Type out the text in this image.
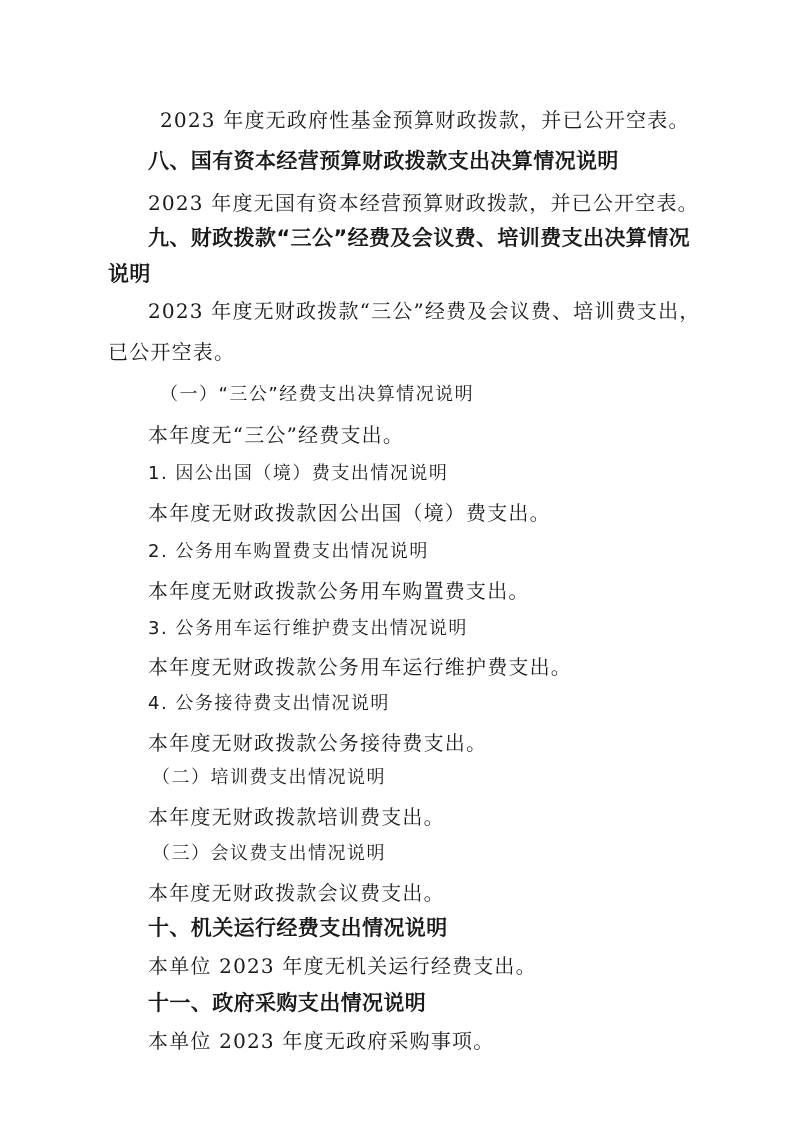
2023 年度无政府性基金预算财政拨款，并已公开空表。

八、国有资本经营预算财政拨款支出决算情况说明

2023 年度无国有资本经营预算财政拨款，并已公开空表。

九、财政拨款“三公”经费及会议费、培训费支出决算情况

说明

2023 年度无财政拨款“三公”经费及会议费、培训费支出，

已公开空表。

（一）“三公”经费支出决算情况说明

本年度无“三公”经费支出。

1. 因公出国（境）费支出情况说明

本年度无财政拨款因公出国（境）费支出。

2. 公务用车购置费支出情况说明

本年度无财政拨款公务用车购置费支出。

3. 公务用车运行维护费支出情况说明

本年度无财政拨款公务用车运行维护费支出。

4. 公务接待费支出情况说明

本年度无财政拨款公务接待费支出。

（二）培训费支出情况说明

本年度无财政拨款培训费支出。

（三）会议费支出情况说明

本年度无财政拨款会议费支出。

十、机关运行经费支出情况说明

本单位 2023 年度无机关运行经费支出。

十一、政府采购支出情况说明

本单位 2023 年度无政府采购事项。
